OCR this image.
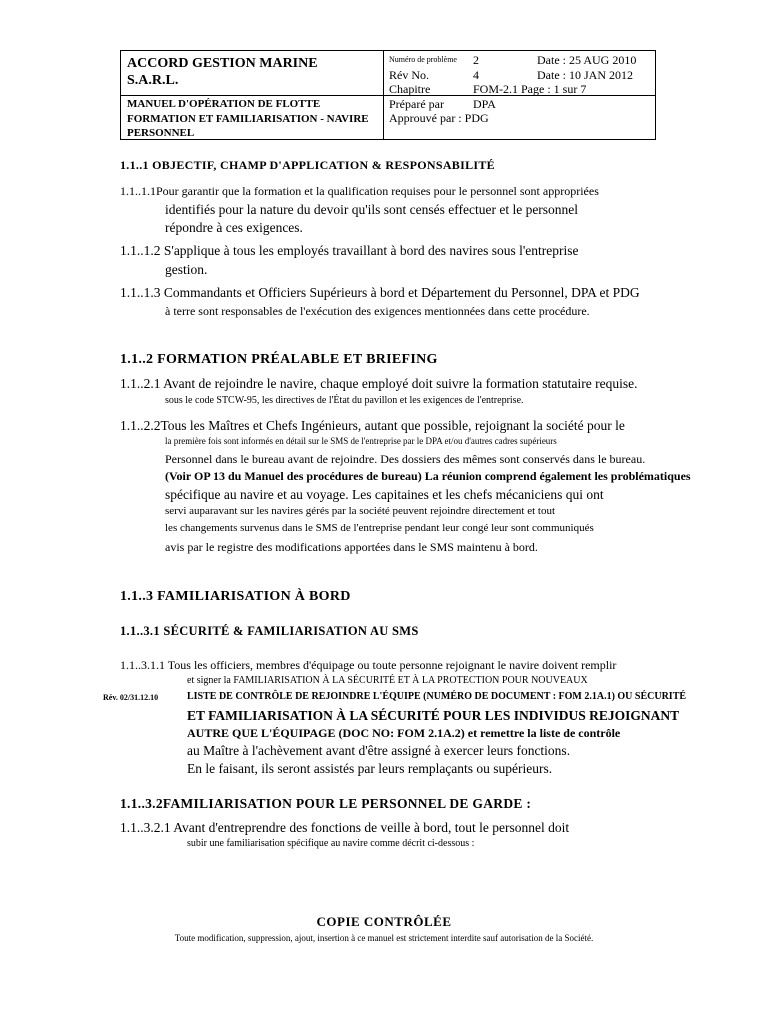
ACCORD GESTION MARINE
S.A.R.L.
MANUEL D'OPÉRATION DE FLOTTE
FORMATION ET FAMILIARISATION - NAVIRE
PERSONNEL
Numéro de problème 2	Date : 25 AUG 2010
Rév No.	4	Date : 10 JAN 2012
Chapitre	FOM-2.1 Page : 1 sur 7
Préparé par DPA
Approuvé par : PDG
1.1..1 OBJECTIF, CHAMP D'APPLICATION & RESPONSABILITÉ
1.1..1.1Pour garantir que la formation et la qualification requises pour le personnel sont appropriées
identifiés pour la nature du devoir qu'ils sont censés effectuer et le personnel
répondre à ces exigences.
1.1..1.2 S'applique à tous les employés travaillant à bord des navires sous l'entreprise
gestion.
1.1..1.3 Commandants et Officiers Supérieurs à bord et Département du Personnel, DPA et PDG
à terre sont responsables de l'exécution des exigences mentionnées dans cette procédure.
1.1..2 FORMATION PRÉALABLE ET BRIEFING
1.1..2.1 Avant de rejoindre le navire, chaque employé doit suivre la formation statutaire requise.
sous le code STCW-95, les directives de l'État du pavillon et les exigences de l'entreprise.
1.1..2.2Tous les Maîtres et Chefs Ingénieurs, autant que possible, rejoignant la société pour le
la première fois sont informés en détail sur le SMS de l'entreprise par le DPA et/ou d'autres cadres supérieurs
Personnel dans le bureau avant de rejoindre. Des dossiers des mêmes sont conservés dans le bureau.
(Voir OP 13 du Manuel des procédures de bureau) La réunion comprend également les problématiques
spécifique au navire et au voyage. Les capitaines et les chefs mécaniciens qui ont
servi auparavant sur les navires gérés par la société peuvent rejoindre directement et tout
les changements survenus dans le SMS de l'entreprise pendant leur congé leur sont communiqués
avis par le registre des modifications apportées dans le SMS maintenu à bord.
1.1..3 FAMILIARISATION À BORD
1.1..3.1 SÉCURITÉ & FAMILIARISATION AU SMS
1.1..3.1.1 Tous les officiers, membres d'équipage ou toute personne rejoignant le navire doivent remplir
et signer la FAMILIARISATION À LA SÉCURITÉ ET À LA PROTECTION POUR NOUVEAUX
Rév. 02/31.12.10	LISTE DE CONTRÔLE DE REJOINDRE L'ÉQUIPE (NUMÉRO DE DOCUMENT : FOM 2.1A.1) OU SÉCURITÉ
ET FAMILIARISATION À LA SÉCURITÉ POUR LES INDIVIDUS REJOIGNANT
AUTRE QUE L'ÉQUIPAGE (DOC NO: FOM 2.1A.2) et remettre la liste de contrôle
au Maître à l'achèvement avant d'être assigné à exercer leurs fonctions.
En le faisant, ils seront assistés par leurs remplaçants ou supérieurs.
1.1..3.2FAMILIARISATION POUR LE PERSONNEL DE GARDE :
1.1..3.2.1 Avant d'entreprendre des fonctions de veille à bord, tout le personnel doit
subir une familiarisation spécifique au navire comme décrit ci-dessous :
COPIE CONTRÔLÉE
Toute modification, suppression, ajout, insertion à ce manuel est strictement interdite sauf autorisation de la Société.
